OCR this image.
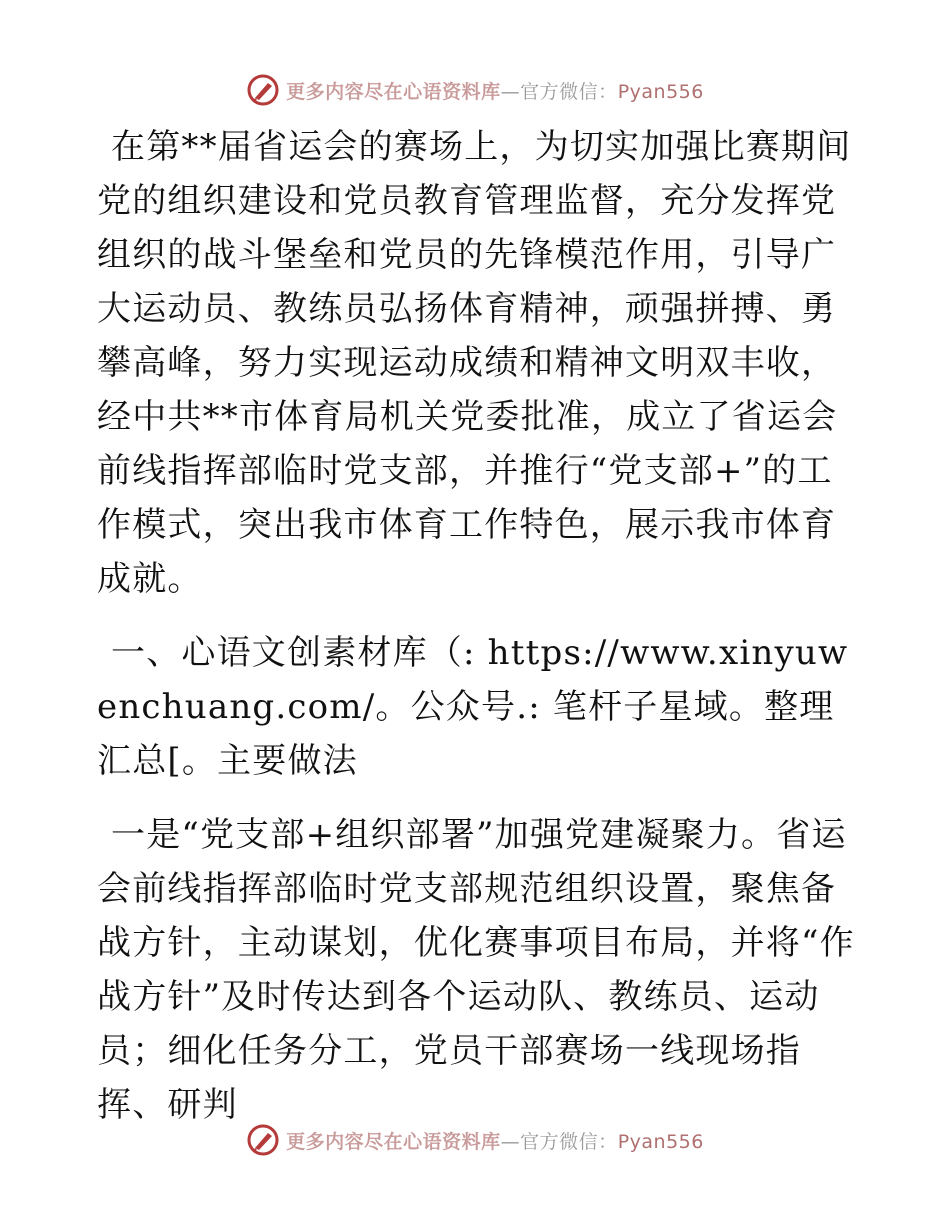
更多内容尽在心语资料库—官方微信：Pyan556

在第**届省运会的赛场上，为切实加强比赛期间党的组织建设和党员教育管理监督，充分发挥党组织的战斗堡垒和党员的先锋模范作用，引导广大运动员、教练员弘扬体育精神，顽强拼搏、勇攀高峰，努力实现运动成绩和精神文明双丰收，经中共**市体育局机关党委批准，成立了省运会前线指挥部临时党支部，并推行“党支部+”的工作模式，突出我市体育工作特色，展示我市体育成就。

一、心语文创素材库（: https://www.xinyuwenchuang.com/。公众号.: 笔杆子星域。整理汇总[。主要做法

一是“党支部+组织部署”加强党建凝聚力。省运会前线指挥部临时党支部规范组织设置，聚焦备战方针，主动谋划，优化赛事项目布局，并将“作战方针”及时传达到各个运动队、教练员、运动员；细化任务分工，党员干部赛场一线现场指挥、研判

更多内容尽在心语资料库—官方微信：Pyan556
